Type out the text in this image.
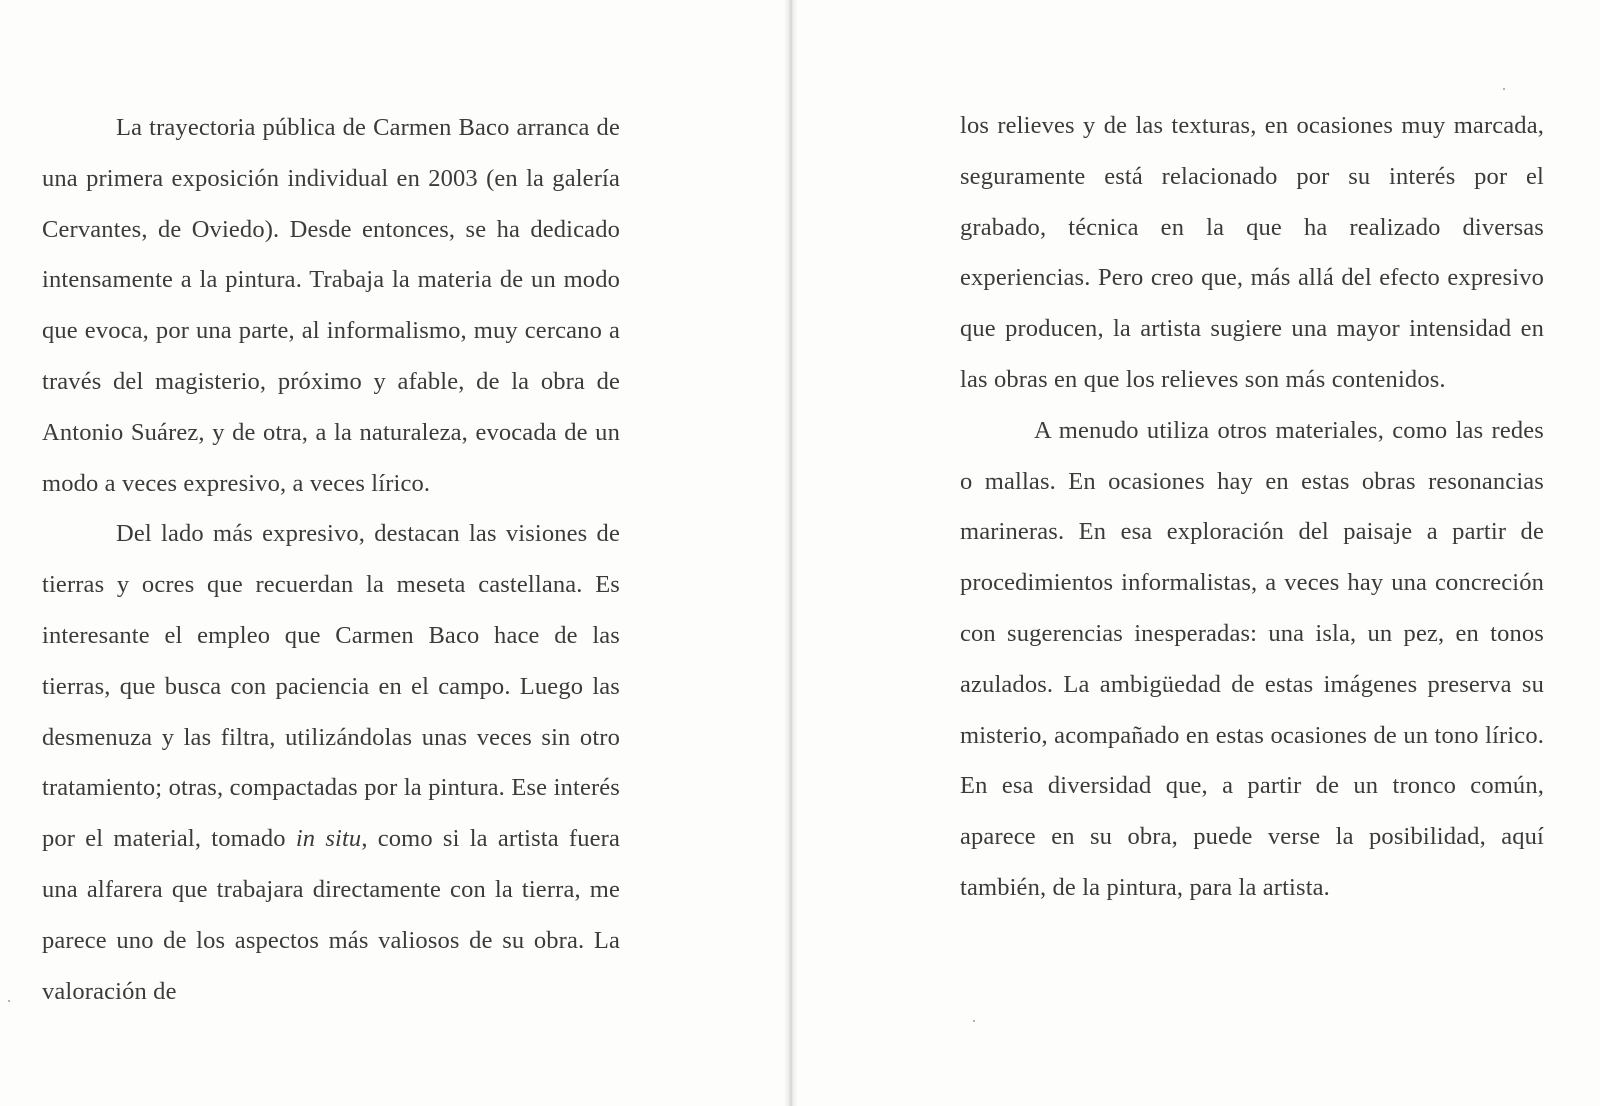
La trayectoria pública de Carmen Baco arranca de una primera exposición individual en 2003 (en la galería Cervantes, de Oviedo). Desde entonces, se ha dedicado intensamente a la pintura. Trabaja la materia de un modo que evoca, por una parte, al informalismo, muy cercano a través del magisterio, próximo y afable, de la obra de Antonio Suárez, y de otra, a la naturaleza, evocada de un modo a veces expresivo, a veces lírico.

Del lado más expresivo, destacan las visiones de tierras y ocres que recuerdan la meseta castellana. Es interesante el empleo que Carmen Baco hace de las tierras, que busca con paciencia en el campo. Luego las desmenuza y las filtra, utilizándolas unas veces sin otro tratamiento; otras, compactadas por la pintura. Ese interés por el material, tomado in situ, como si la artista fuera una alfarera que trabajara directamente con la tierra, me parece uno de los aspectos más valiosos de su obra. La valoración de

los relieves y de las texturas, en ocasiones muy marcada, seguramente está relacionado por su interés por el grabado, técnica en la que ha realizado diversas experiencias. Pero creo que, más allá del efecto expresivo que producen, la artista sugiere una mayor intensidad en las obras en que los relieves son más contenidos.

A menudo utiliza otros materiales, como las redes o mallas. En ocasiones hay en estas obras resonancias marineras. En esa exploración del paisaje a partir de procedimientos informalistas, a veces hay una concreción con sugerencias inesperadas: una isla, un pez, en tonos azulados. La ambigüedad de estas imágenes preserva su misterio, acompañado en estas ocasiones de un tono lírico. En esa diversidad que, a partir de un tronco común, aparece en su obra, puede verse la posibilidad, aquí también, de la pintura, para la artista.
